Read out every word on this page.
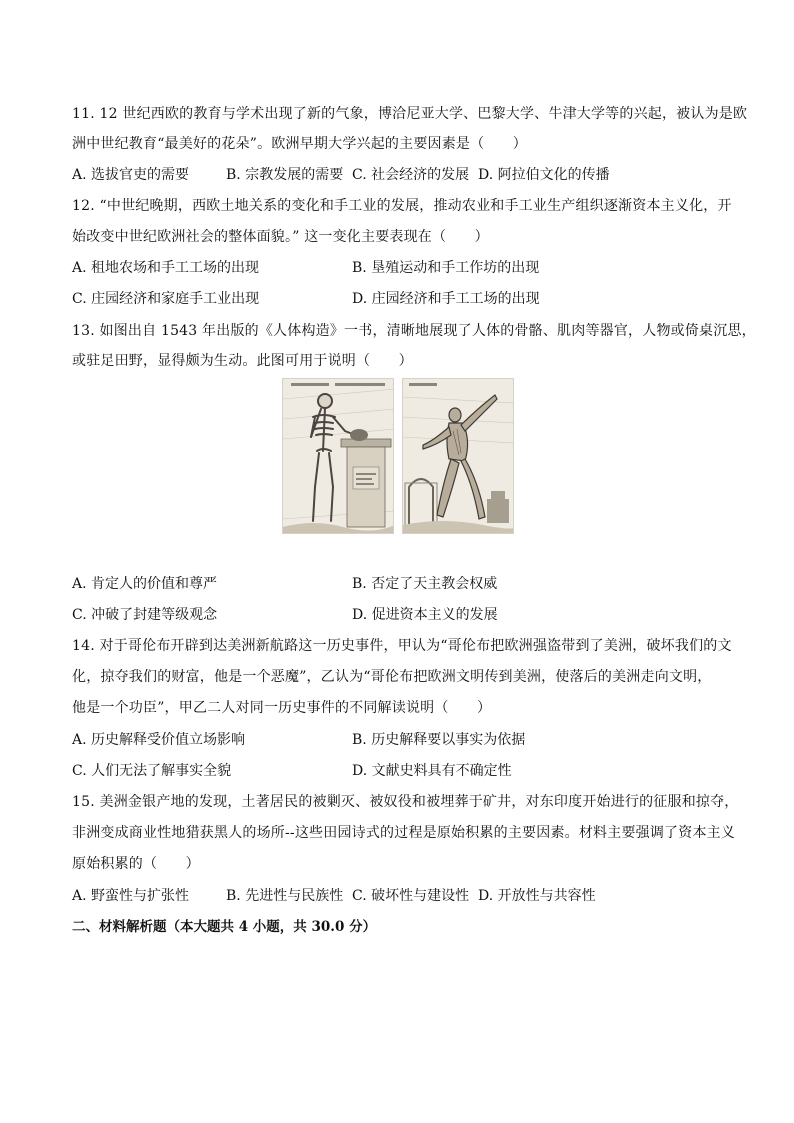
11. 12 世纪西欧的教育与学术出现了新的气象，博洽尼亚大学、巴黎大学、牛津大学等的兴起，被认为是欧
洲中世纪教育“最美好的花朵”。欧洲早期大学兴起的主要因素是（　　）
A. 选拔官吏的需要	B. 宗教发展的需要 C. 社会经济的发展 D. 阿拉伯文化的传播
12. “中世纪晚期，西欧土地关系的变化和手工业的发展，推动农业和手工业生产组织逐渐资本主义化，开
始改变中世纪欧洲社会的整体面貌。” 这一变化主要表现在（　　）
A. 租地农场和手工工场的出现	B. 垦殖运动和手工作坊的出现
C. 庄园经济和家庭手工业出现	D. 庄园经济和手工工场的出现
13. 如图出自 1543 年出版的《人体构造》一书，清晰地展现了人体的骨骼、肌肉等器官，人物或倚桌沉思，
或驻足田野，显得颇为生动。此图可用于说明（　　）
A. 肯定人的价值和尊严	B. 否定了天主教会权威
C. 冲破了封建等级观念	D. 促进资本主义的发展
14. 对于哥伦布开辟到达美洲新航路这一历史事件，甲认为“哥伦布把欧洲强盗带到了美洲，破坏我们的文
化，掠夺我们的财富，他是一个恶魔”，乙认为“哥伦布把欧洲文明传到美洲，使落后的美洲走向文明，
他是一个功臣”，甲乙二人对同一历史事件的不同解读说明（　　）
A. 历史解释受价值立场影响	B. 历史解释要以事实为依据
C. 人们无法了解事实全貌	D. 文献史料具有不确定性
15. 美洲金银产地的发现，土著居民的被剿灭、被奴役和被埋葬于矿井，对东印度开始进行的征服和掠夺，
非洲变成商业性地猎获黑人的场所--这些田园诗式的过程是原始积累的主要因素。材料主要强调了资本主义
原始积累的（　　）
A. 野蛮性与扩张性	B. 先进性与民族性 C. 破坏性与建设性 D. 开放性与共容性
二、材料解析题（本大题共 4 小题，共 30.0 分）
